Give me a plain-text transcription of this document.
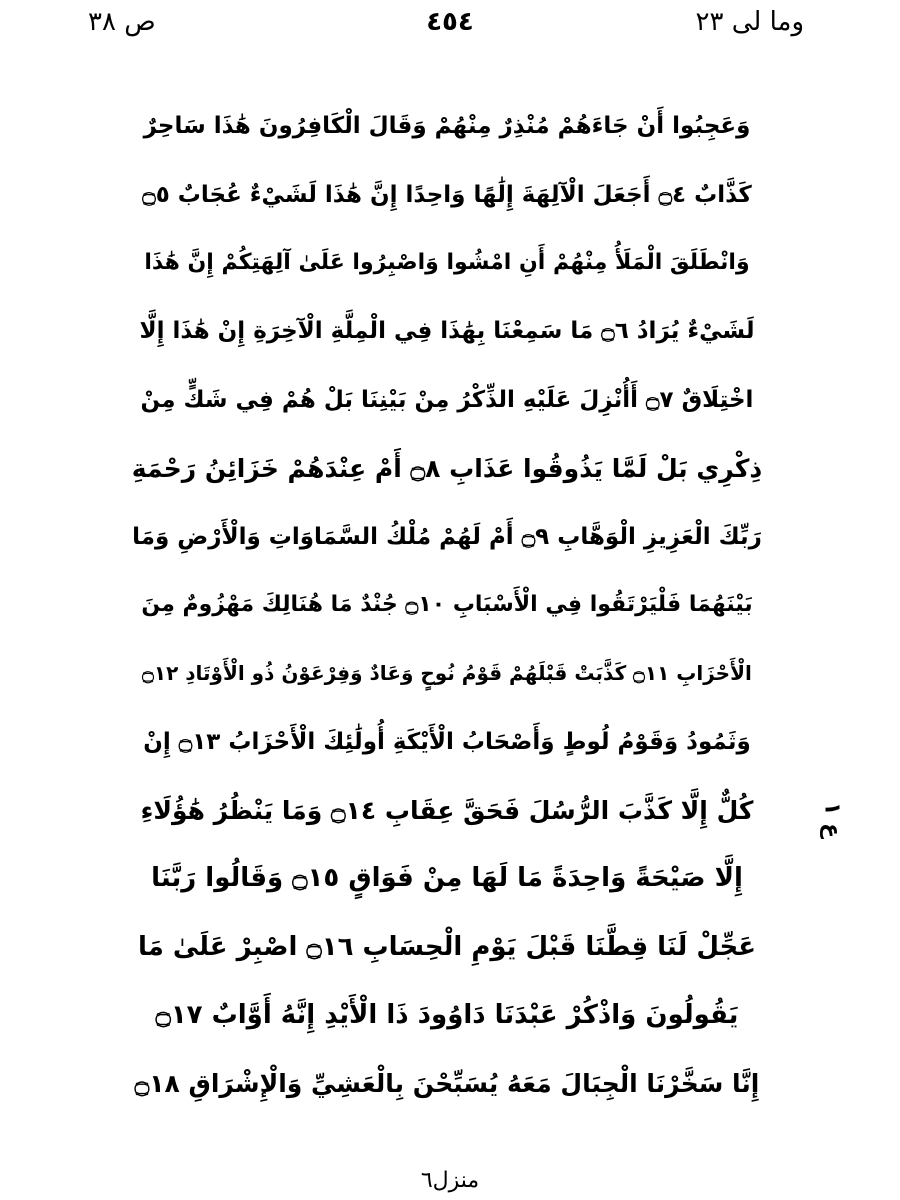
ص ٣٨	٤٥٤	وما لى ٢٣
وَعَجِبُوا أَنْ جَاءَهُمْ مُنْذِرٌ مِنْهُمْ وَقَالَ الْكَافِرُونَ هَٰذَا سَاحِرٌ
كَذَّابٌ ۝٤ أَجَعَلَ الْآلِهَةَ إِلَٰهًا وَاحِدًا إِنَّ هَٰذَا لَشَيْءٌ عُجَابٌ ۝٥
وَانْطَلَقَ الْمَلَأُ مِنْهُمْ أَنِ امْشُوا وَاصْبِرُوا عَلَىٰ آلِهَتِكُمْ إِنَّ هَٰذَا
لَشَيْءٌ يُرَادُ ۝٦ مَا سَمِعْنَا بِهَٰذَا فِي الْمِلَّةِ الْآخِرَةِ إِنْ هَٰذَا إِلَّا
اخْتِلَاقٌ ۝٧ أَأُنْزِلَ عَلَيْهِ الذِّكْرُ مِنْ بَيْنِنَا بَلْ هُمْ فِي شَكٍّ مِنْ
ذِكْرِي بَلْ لَمَّا يَذُوقُوا عَذَابِ ۝٨ أَمْ عِنْدَهُمْ خَزَائِنُ رَحْمَةِ
رَبِّكَ الْعَزِيزِ الْوَهَّابِ ۝٩ أَمْ لَهُمْ مُلْكُ السَّمَاوَاتِ وَالْأَرْضِ وَمَا
بَيْنَهُمَا فَلْيَرْتَقُوا فِي الْأَسْبَابِ ۝١٠ جُنْدٌ مَا هُنَالِكَ مَهْزُومٌ مِنَ
الْأَحْزَابِ ۝١١ كَذَّبَتْ قَبْلَهُمْ قَوْمُ نُوحٍ وَعَادٌ وَفِرْعَوْنُ ذُو الْأَوْتَادِ ۝١٢
وَثَمُودُ وَقَوْمُ لُوطٍ وَأَصْحَابُ الْأَيْكَةِ أُولَٰئِكَ الْأَحْزَابُ ۝١٣ إِنْ
كُلٌّ إِلَّا كَذَّبَ الرُّسُلَ فَحَقَّ عِقَابِ ۝١٤ وَمَا يَنْظُرُ هَٰؤُلَاءِ
إِلَّا صَيْحَةً وَاحِدَةً مَا لَهَا مِنْ فَوَاقٍ ۝١٥ وَقَالُوا رَبَّنَا
عَجِّلْ لَنَا قِطَّنَا قَبْلَ يَوْمِ الْحِسَابِ ۝١٦ اصْبِرْ عَلَىٰ مَا
يَقُولُونَ وَاذْكُرْ عَبْدَنَا دَاوُودَ ذَا الْأَيْدِ إِنَّهُ أَوَّابٌ ۝١٧
إِنَّا سَخَّرْنَا الْجِبَالَ مَعَهُ يُسَبِّحْنَ بِالْعَشِيِّ وَالْإِشْرَاقِ ۝١٨
ع ١
منزل٦
